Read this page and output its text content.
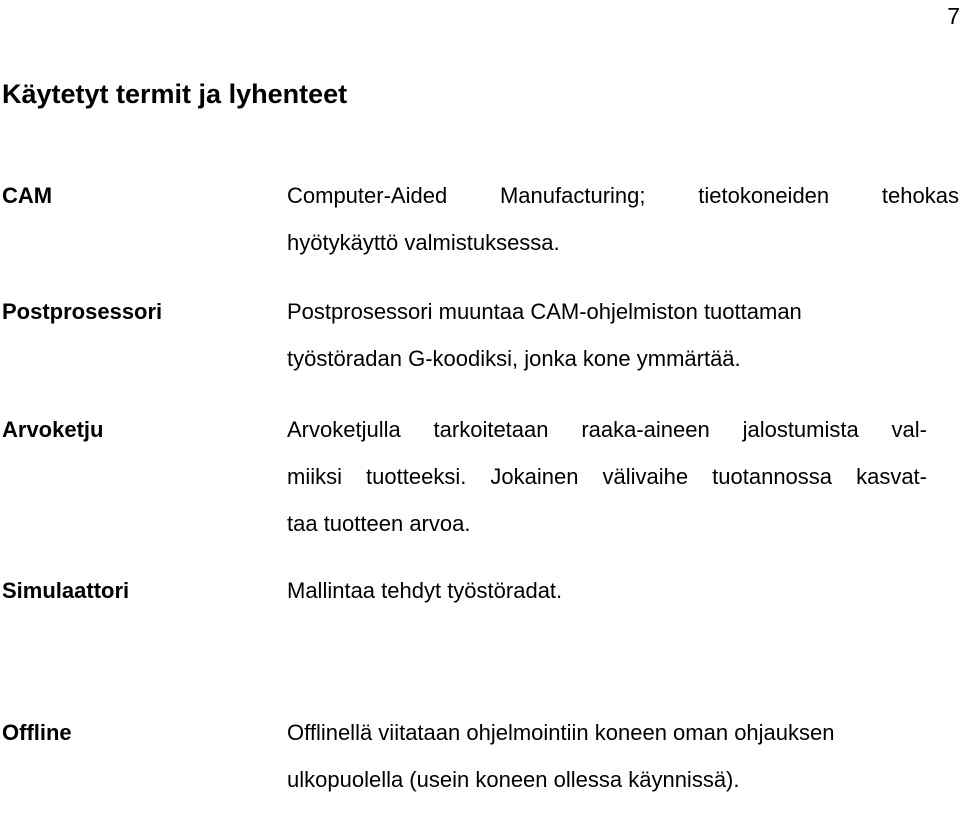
7
Käytetyt termit ja lyhenteet
CAM	Computer-Aided Manufacturing; tietokoneiden tehokas
hyötykäyttö valmistuksessa.
Postprosessori	Postprosessori muuntaa CAM-ohjelmiston tuottaman
työstöradan G-koodiksi, jonka kone ymmärtää.
Arvoketju	Arvoketjulla tarkoitetaan raaka-aineen jalostumista val-
miiksi tuotteeksi. Jokainen välivaihe tuotannossa kasvat-
taa tuotteen arvoa.
Simulaattori	Mallintaa tehdyt työstöradat.
Offline	Offlinellä viitataan ohjelmointiin koneen oman ohjauksen
ulkopuolella (usein koneen ollessa käynnissä).
